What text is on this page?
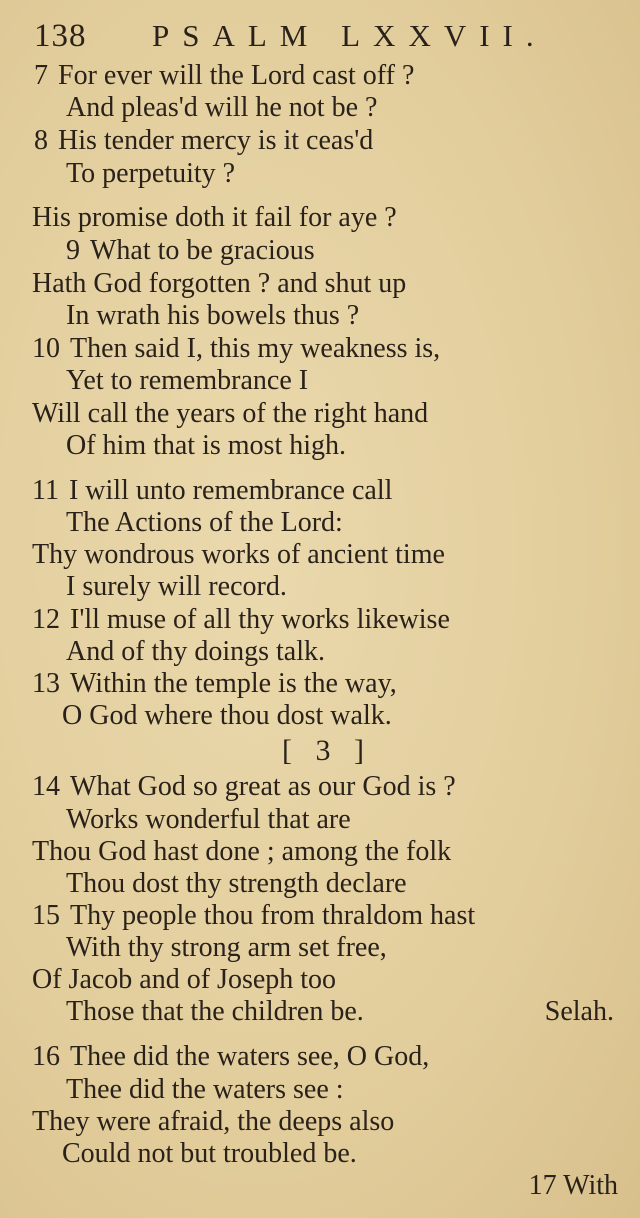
138 PSALM LXXVII.
7 For ever will the Lord cast off ?
And pleas'd will he not be ?
8 His tender mercy is it ceas'd
To perpetuity ?
His promise doth it fail for aye ?
9 What to be gracious
Hath God forgotten ? and shut up
In wrath his bowels thus ?
10 Then said I, this my weakness is,
Yet to remembrance I
Will call the years of the right hand
Of him that is most high.
11 I will unto remembrance call
The Actions of the Lord:
Thy wondrous works of ancient time
I surely will record.
12 I'll muse of all thy works likewise
And of thy doings talk.
13 Within the temple is the way,
O God where thou dost walk.
[ 3 ]
14 What God so great as our God is ?
Works wonderful that are
Thou God hast done ; among the folk
Thou dost thy strength declare
15 Thy people thou from thraldom hast
With thy strong arm set free,
Of Jacob and of Joseph too
Those that the children be.	Selah.
16 Thee did the waters see, O God,
Thee did the waters see :
They were afraid, the deeps also
Could not but troubled be.
17 With
